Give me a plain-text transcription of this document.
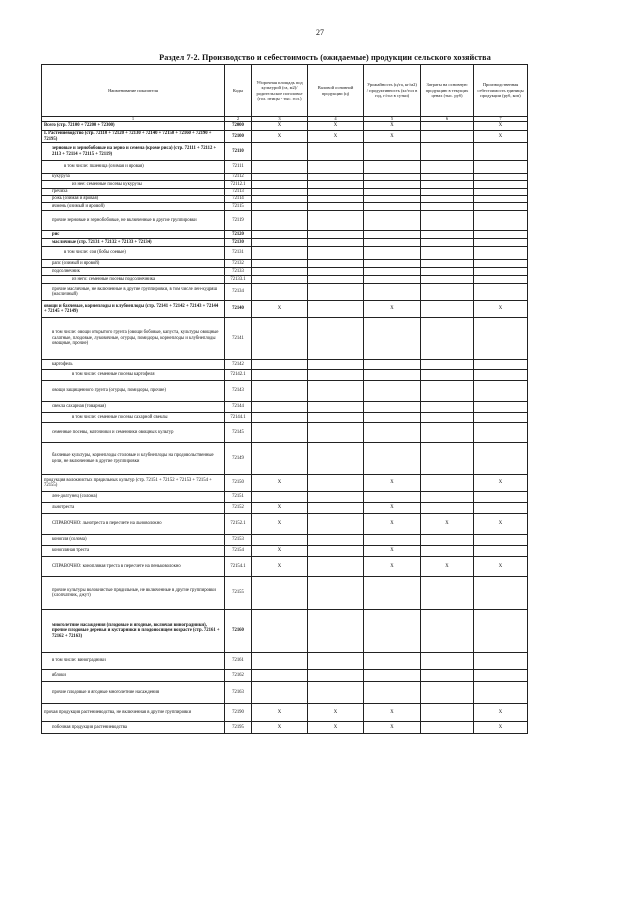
27
Раздел 7-2. Производство и себестоимость (ожидаемые) продукции сельского хозяйства
Наименование показателя	Коды	Уборочная площадь под культурой (га, м2)/родительское поголовье (гол. птицы - тыс. гол.)	Валовой основной продукции (ц)	Урожайность (ц/га, кг/м2) / продуктивность (кг/гол в год, г/гол в сутки)	Затраты на основную продукцию в текущих ценах (тыс. руб)	Производственная себестоимость единицы продукции (руб, коп)
1	2	3	4	5	6	7
Всего (стр. 72100 + 72200 + 72300)	72000	X	X	X		X
I. Растениеводство (стр. 72110 + 72120 + 72130 + 72140 + 72150 + 72160 + 72190 + 72195)	72100	X	X	X		X
зерновые и зернобобовые на зерно и семена (кроме риса) (стр. 72111 + 72112 + 2113 + 72114 + 72115 + 72119)	72110					
в том числе: пшеница (озимая и яровая)	72111					
кукуруза	72112					
из нее: семенные посевы кукурузы	72112.1					
гречиха	72113					
рожь (озимая и яровая)	72114					
ячмень (озимый и яровой)	72115					
прочие зерновые и зернобобовые, не включенные в другие группировки	72119					
рис	72120					
масличные (стр. 72131 + 72132 + 72133 + 72134)	72130					
в том числе: соя (бобы соевые)	72131					
рапс (озимый и яровой)	72132					
подсолнечник	72133					
из него: семенные посевы подсолнечника	72133.1					
прочие масличные, не включенные в другие группировки, в том числе лен-кудряш (масличный)	72134					
овощи и бахчевые, корнеплоды и клубнеплоды (стр. 72141 + 72142 + 72143 + 72144 + 72145 + 72149)	72140	X		X		X
в том числе: овощи открытого грунта (овощи бобовые, капуста, культуры овощные салатные, плодовые, луковичные, огурцы, помидоры, корнеплоды и клубнеплоды овощные, прочие)	72141					
картофель	72142					
в том числе: семенные посевы картофеля	72142.1					
овощи защищенного грунта (огурцы, помидоры, прочие)	72143					
свекла сахарная (товарная)	72144					
в том числе: семенные посевы сахарной свеклы	72144.1					
семенные посевы, маточники и семенники овощных культур	72145					
бахчевые культуры, корнеплоды столовые и клубнеплоды на продовольственные цели, не включенные в другие группировки	72149					
продукция волокнистых прядильных культур (стр. 72151 + 72152 + 72153 + 72154 + 72155)	72150	X		X		X
лен-долгунец (солома)	72151					
льнотреста	72152	X		X		
СПРАВОЧНО: льнотреста в пересчете на льноволокно	72152.1	X		X	X	X
конопля (солома)	72153					
конопляная треста	72154	X		X		
СПРАВОЧНО: конопляная треста в пересчете на пеньковолокно	72154.1	X		X	X	X
прочие культуры волокнистые прядильные, не включенные в другие группировки (хлопчатник, джут)	72155					
многолетние насаждения (плодовые и ягодные, включая виноградники), прочие плодовые деревья и кустарники в плодоносящем возрасте (стр. 72161 + 72162 + 72163)	72160					
в том числе: виноградники	72161					
яблоки	72162					
прочие плодовые и ягодные многолетние насаждения	72163					
прочая продукция растениеводства, не включенная в другие группировки	72190	X	X	X		X
побочная продукция растениеводства	72195	X	X	X		X
